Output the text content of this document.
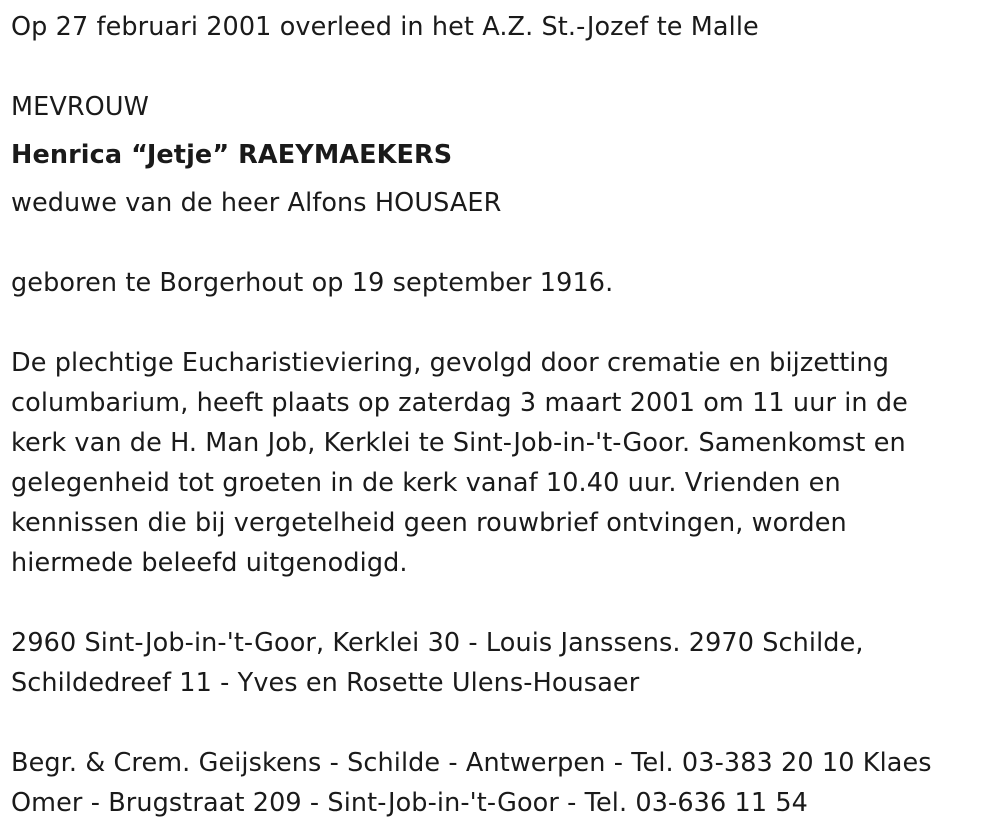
Op 27 februari 2001 overleed in het A.Z. St.-Jozef te Malle
MEVROUW
Henrica “Jetje” RAEYMAEKERS
weduwe van de heer Alfons HOUSAER
geboren te Borgerhout op 19 september 1916.
De plechtige Eucharistieviering, gevolgd door crematie en bijzetting
columbarium, heeft plaats op zaterdag 3 maart 2001 om 11 uur in de
kerk van de H. Man Job, Kerklei te Sint-Job-in-'t-Goor. Samenkomst en
gelegenheid tot groeten in de kerk vanaf 10.40 uur. Vrienden en
kennissen die bij vergetelheid geen rouwbrief ontvingen, worden
hiermede beleefd uitgenodigd.
2960 Sint-Job-in-'t-Goor, Kerklei 30 - Louis Janssens. 2970 Schilde,
Schildedreef 11 - Yves en Rosette Ulens-Housaer
Begr. & Crem. Geijskens - Schilde - Antwerpen - Tel. 03-383 20 10 Klaes
Omer - Brugstraat 209 - Sint-Job-in-'t-Goor - Tel. 03-636 11 54
